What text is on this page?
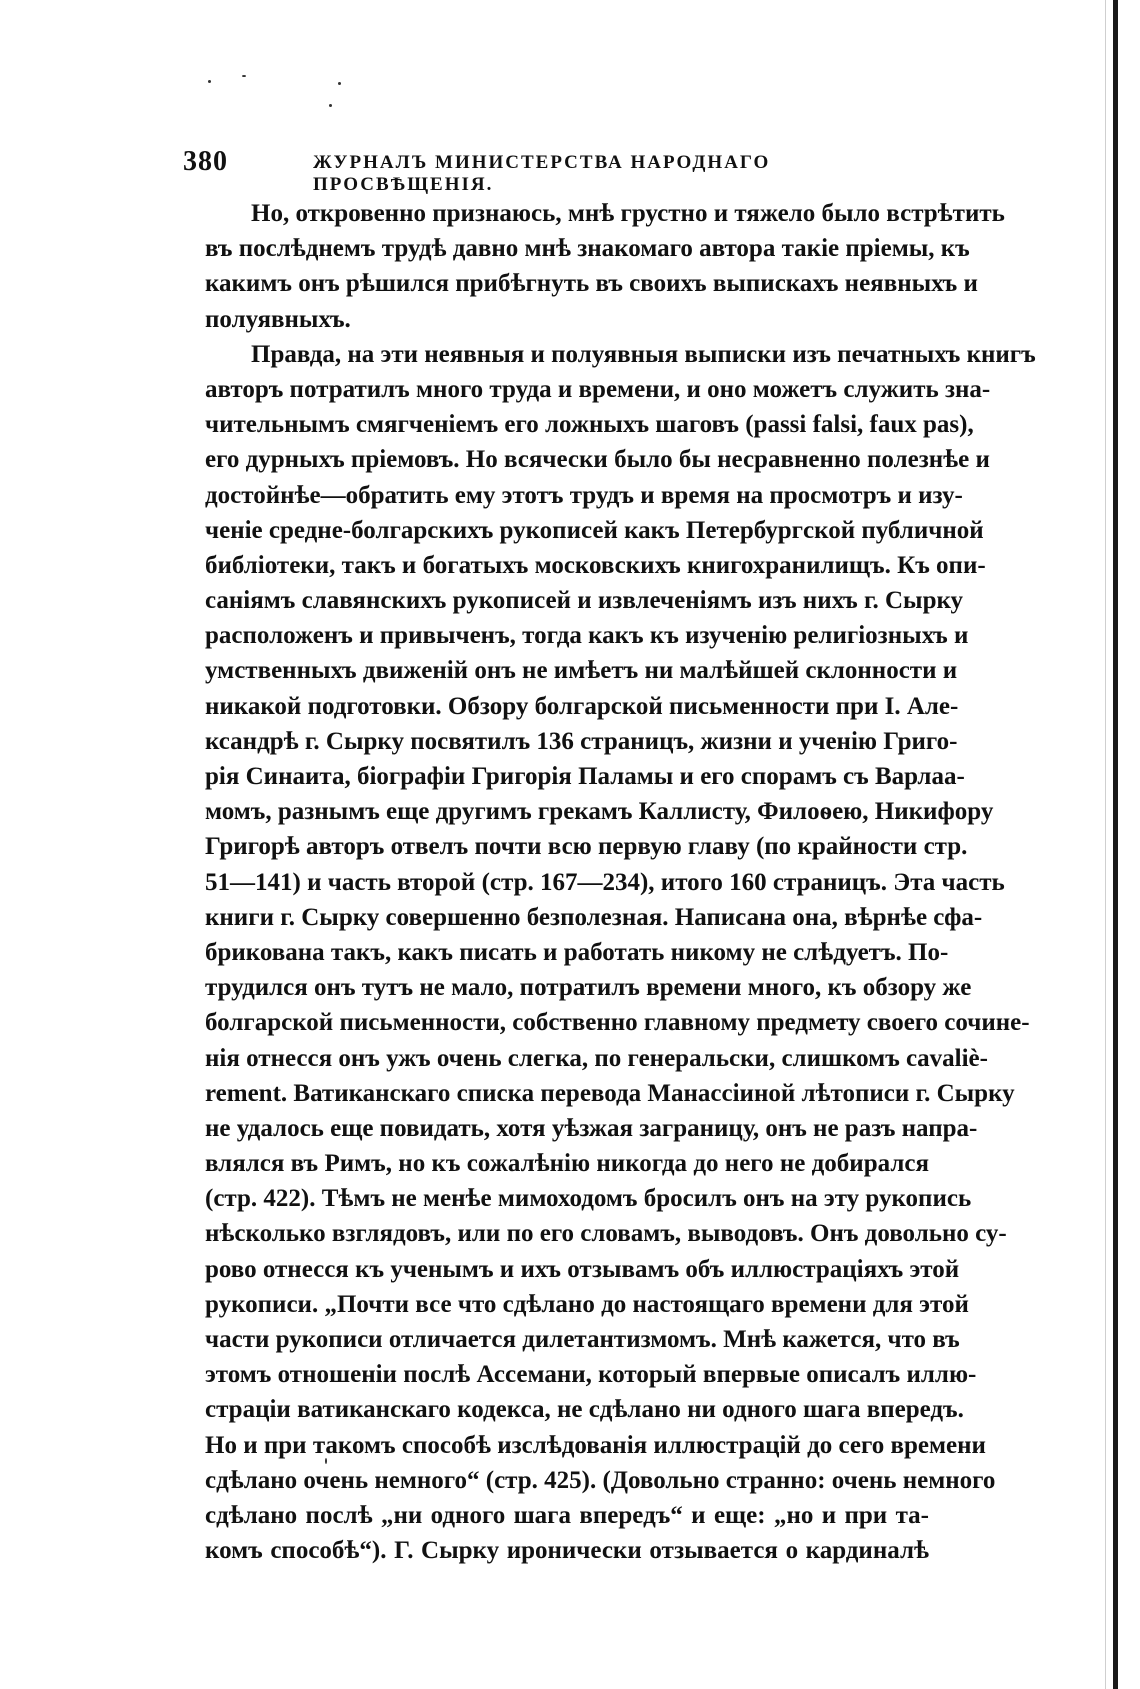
380	ЖУРНАЛЪ МИНИСТЕРСТВА НАРОДНАГО ПРОСВѢЩЕНІЯ.
Но, откровенно признаюсь, мнѣ грустно и тяжело было встрѣтить
въ послѣднемъ трудѣ давно мнѣ знакомаго автора такіе пріемы, къ
какимъ онъ рѣшился прибѣгнуть въ своихъ выпискахъ неявныхъ и
полуявныхъ.
Правда, на эти неявныя и полуявныя выписки изъ печатныхъ книгъ
авторъ потратилъ много труда и времени, и оно можетъ служить зна-
чительнымъ смягченіемъ его ложныхъ шаговъ (passi falsi, faux pas),
его дурныхъ пріемовъ. Но всячески было бы несравненно полезнѣе и
достойнѣе—обратить ему этотъ трудъ и время на просмотръ и изу-
ченіе средне-болгарскихъ рукописей какъ Петербургской публичной
библіотеки, такъ и богатыхъ московскихъ книгохранилищъ. Къ опи-
саніямъ славянскихъ рукописей и извлеченіямъ изъ нихъ г. Сырку
расположенъ и привыченъ, тогда какъ къ изученію религіозныхъ и
умственныхъ движеній онъ не имѣетъ ни малѣйшей склонности и
никакой подготовки. Обзору болгарской письменности при І. Але-
ксандрѣ г. Сырку посвятилъ 136 страницъ, жизни и ученію Григо-
рія Синаита, біографіи Григорія Паламы и его спорамъ съ Варлаа-
момъ, разнымъ еще другимъ грекамъ Каллисту, Филоѳею, Никифору
Григорѣ авторъ отвелъ почти всю первую главу (по крайности стр.
51—141) и часть второй (стр. 167—234), итого 160 страницъ. Эта часть
книги г. Сырку совершенно безполезная. Написана она, вѣрнѣе сфа-
брикована такъ, какъ писать и работать никому не слѣдуетъ. По-
трудился онъ тутъ не мало, потратилъ времени много, къ обзору же
болгарской письменности, собственно главному предмету своего сочине-
нія отнесся онъ ужъ очень слегка, по генеральски, слишкомъ cavaliè-
rement. Ватиканскаго списка перевода Манассіиной лѣтописи г. Сырку
не удалось еще повидать, хотя уѣзжая заграницу, онъ не разъ напра-
влялся въ Римъ, но къ сожалѣнію никогда до него не добирался
(стр. 422). Тѣмъ не менѣе мимоходомъ бросилъ онъ на эту рукопись
нѣсколько взглядовъ, или по его словамъ, выводовъ. Онъ довольно су-
рово отнесся къ ученымъ и ихъ отзывамъ объ иллюстраціяхъ этой
рукописи. „Почти все что сдѣлано до настоящаго времени для этой
части рукописи отличается дилетантизмомъ. Мнѣ кажется, что въ
этомъ отношеніи послѣ Ассемани, который впервые описалъ иллю-
страціи ватиканскаго кодекса, не сдѣлано ни одного шага впередъ.
Но и при такомъ способѣ изслѣдованія иллюстрацій до сего времени
сдѣлано очень немного“ (стр. 425). (Довольно странно: очень немного
сдѣлано послѣ „ни одного шага впередъ“ и еще: „но и при та-
комъ способѣ“). Г. Сырку иронически отзывается о кардиналѣ
